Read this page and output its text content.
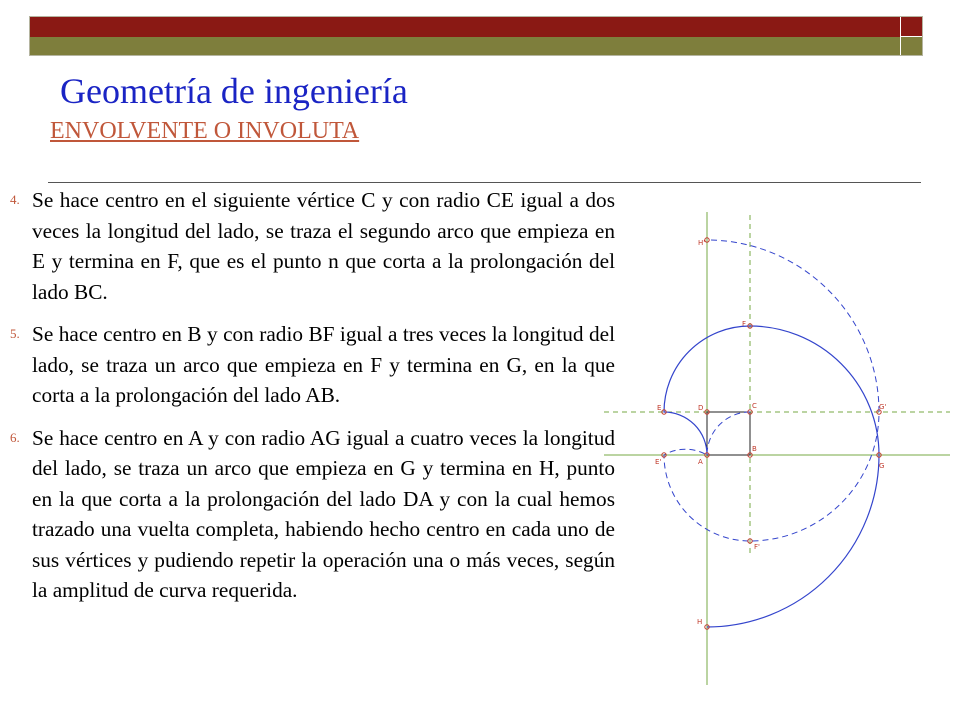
Geometría de ingeniería
ENVOLVENTE O INVOLUTA
4. Se hace centro en el siguiente vértice C y con radio CE igual a dos veces la longitud del lado, se traza el segundo arco que empieza en E y termina en F, que es el punto n que corta a la prolongación del lado BC.
5. Se hace centro en B y con radio BF igual a tres veces la longitud del lado, se traza un arco que empieza en F y termina en G, en la que corta a la prolongación del lado AB.
6. Se hace centro en A y con radio AG igual a cuatro veces la longitud del lado, se traza un arco que empieza en G y termina en H, punto en la que corta a la prolongación del lado DA y con la cual hemos trazado una vuelta completa, habiendo hecho centro en cada uno de sus vértices y pudiendo repetir la operación una o más veces, según la amplitud de curva requerida.
H'
F
E	D	C	G'
B
E'	A	G
F'
H
